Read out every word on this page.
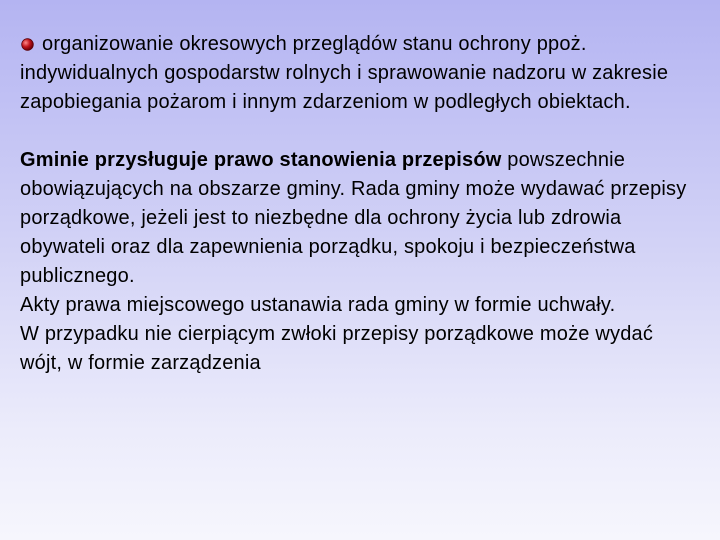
organizowanie okresowych przeglądów stanu ochrony ppoż. indywidualnych gospodarstw rolnych i sprawowanie nadzoru w zakresie zapobiegania pożarom i innym zdarzeniom w podległych obiektach.

Gminie przysługuje prawo stanowienia przepisów powszechnie obowiązujących na obszarze gminy. Rada gminy może wydawać przepisy porządkowe, jeżeli jest to niezbędne dla ochrony życia lub zdrowia obywateli oraz dla zapewnienia porządku, spokoju i bezpieczeństwa publicznego.

Akty prawa miejscowego ustanawia rada gminy w formie uchwały.

W przypadku nie cierpiącym zwłoki przepisy porządkowe może wydać wójt, w formie zarządzenia
